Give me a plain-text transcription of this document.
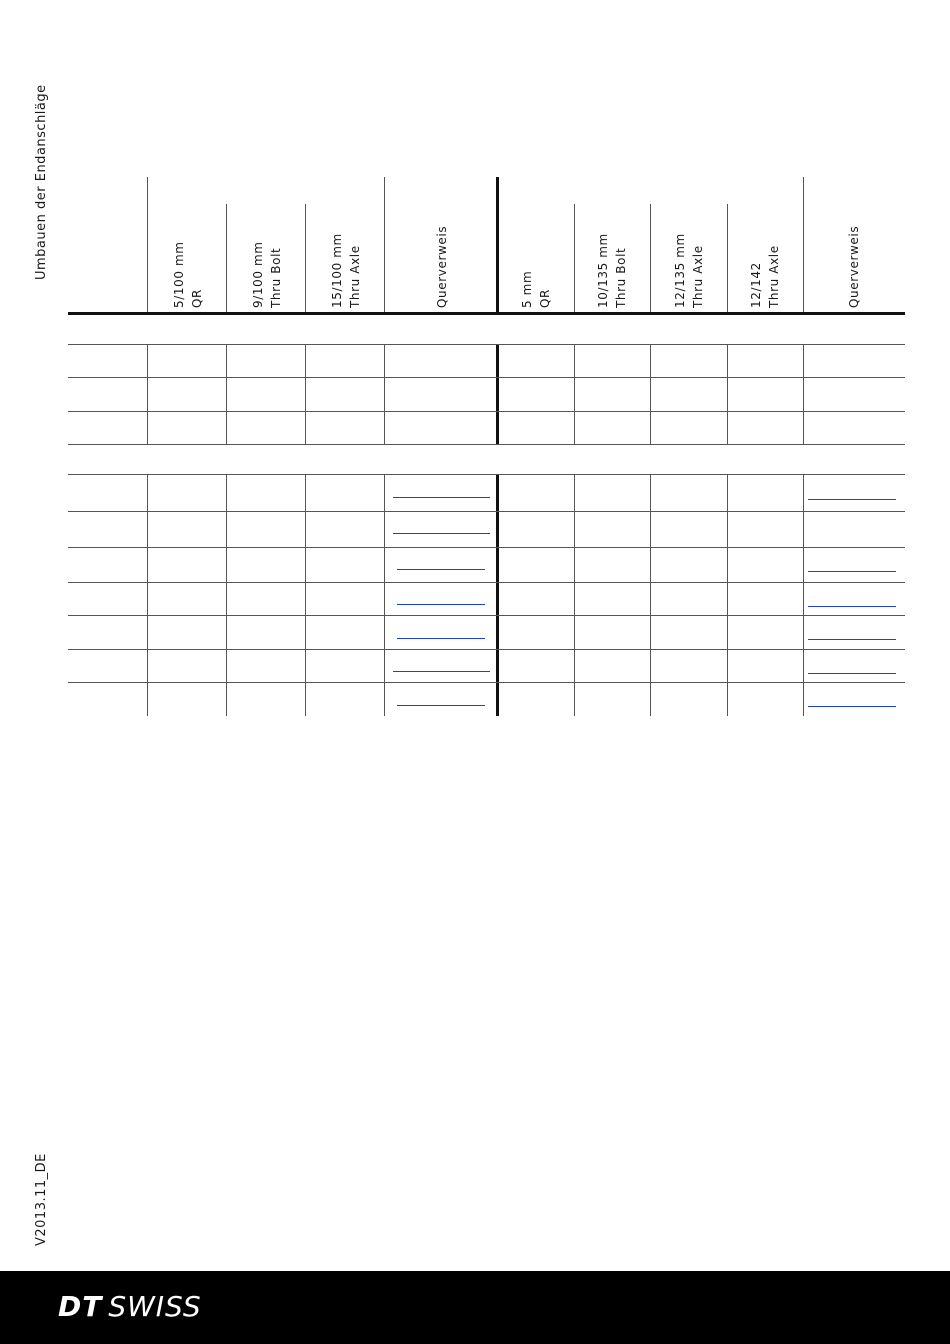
Umbauen der Endanschläge
V2013.11_DE
5/100 mm QR	9/100 mm Thru Bolt	15/100 mm Thru Axle	Querverweis	5 mm QR	10/135 mm Thru Bolt	12/135 mm Thru Axle	12/142 Thru Axle	Querverweis
DT SWISS
